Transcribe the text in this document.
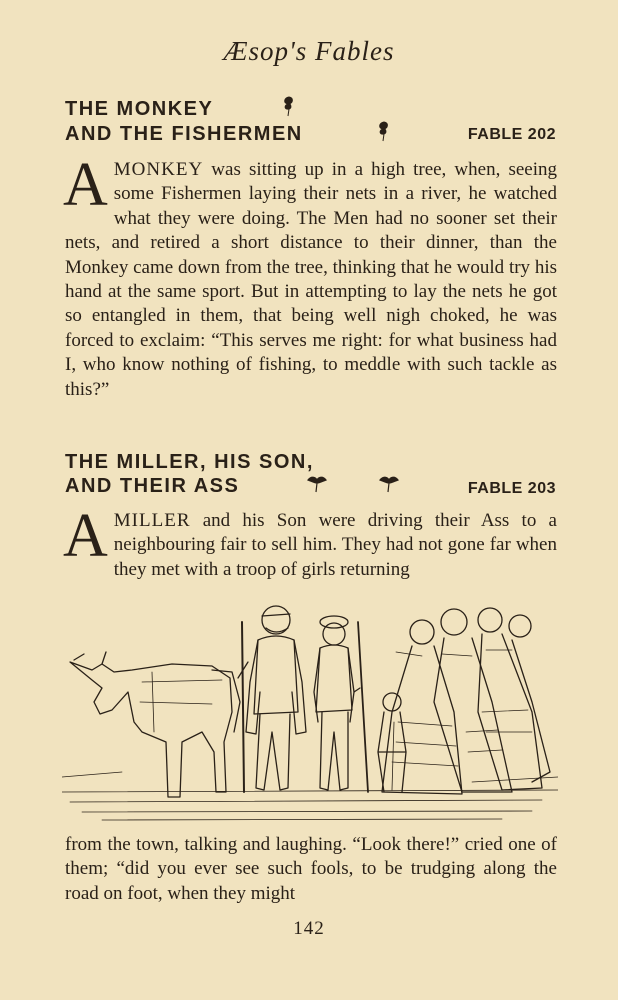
Æsop's Fables
THE MONKEY
AND THE FISHERMEN	FABLE 202

AMONKEY was sitting up in a high tree, when, seeing some Fishermen laying their nets in a river, he watched what they were doing. The Men had no sooner set their nets, and retired a short distance to their dinner, than the Monkey came down from the tree, thinking that he would try his hand at the same sport. But in attempting to lay the nets he got so entangled in them, that being well nigh choked, he was forced to exclaim: “This serves me right: for what business had I, who know nothing of fishing, to meddle with such tackle as this?”

THE MILLER, HIS SON,
AND THEIR ASS	FABLE 203

AMILLER and his Son were driving their Ass to a neighbouring fair to sell him. They had not gone far when they met with a troop of girls returning

from the town, talking and laughing. “Look there!” cried one of them; “did you ever see such fools, to be trudging along the road on foot, when they might

142
